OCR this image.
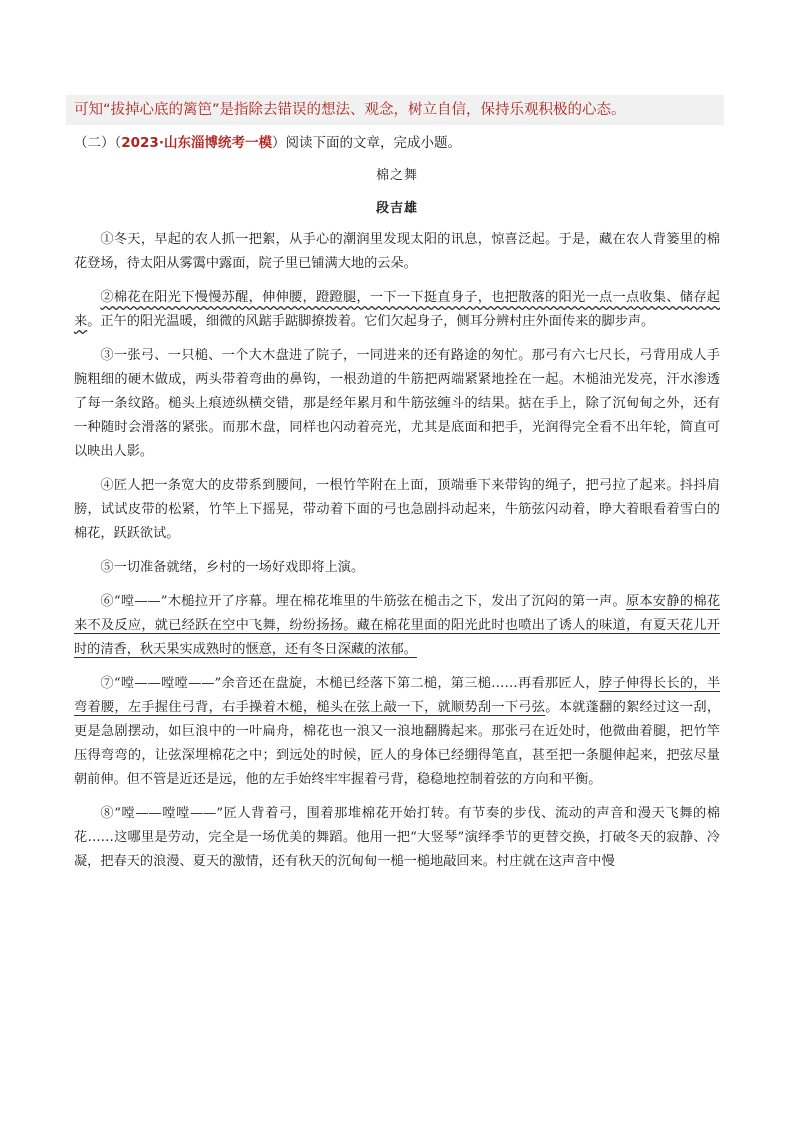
可知“拔掉心底的篱笆”是指除去错误的想法、观念，树立自信，保持乐观积极的心态。
（二）（2023·山东淄博统考一模）阅读下面的文章，完成小题。
棉之舞
段吉雄

①冬天，早起的农人抓一把絮，从手心的潮润里发现太阳的讯息，惊喜泛起。于是，藏在农人背篓里的棉花登场，待太阳从雾霭中露面，院子里已铺满大地的云朵。

②棉花在阳光下慢慢苏醒，伸伸腰，蹬蹬腿，一下一下挺直身子，也把散落的阳光一点一点收集、储存起来。正午的阳光温暖，细微的风踮手踮脚撩拨着。它们欠起身子，侧耳分辨村庄外面传来的脚步声。

③一张弓、一只槌、一个大木盘进了院子，一同进来的还有路途的匆忙。那弓有六七尺长，弓背用成人手腕粗细的硬木做成，两头带着弯曲的鼻钩，一根劲道的牛筋把两端紧紧地拴在一起。木槌油光发亮，汗水渗透了每一条纹路。槌头上痕迹纵横交错，那是经年累月和牛筋弦缠斗的结果。掂在手上，除了沉甸甸之外，还有一种随时会滑落的紧张。而那木盘，同样也闪动着亮光，尤其是底面和把手，光润得完全看不出年轮，简直可以映出人影。

④匠人把一条宽大的皮带系到腰间，一根竹竿附在上面，顶端垂下来带钩的绳子，把弓拉了起来。抖抖肩膀，试试皮带的松紧，竹竿上下摇晃，带动着下面的弓也急剧抖动起来，牛筋弦闪动着，睁大着眼看着雪白的棉花，跃跃欲试。

⑤一切准备就绪，乡村的一场好戏即将上演。

⑥“嘡——”木槌拉开了序幕。埋在棉花堆里的牛筋弦在槌击之下，发出了沉闷的第一声。原本安静的棉花来不及反应，就已经跃在空中飞舞，纷纷扬扬。藏在棉花里面的阳光此时也喷出了诱人的味道，有夏天花儿开时的清香，秋天果实成熟时的惬意，还有冬日深藏的浓郁。

⑦“嘡——嘡嘡——”余音还在盘旋，木槌已经落下第二槌，第三槌……再看那匠人，脖子伸得长长的，半弯着腰，左手握住弓背，右手操着木槌，槌头在弦上敲一下，就顺势刮一下弓弦。本就蓬翻的絮经过这一刮，更是急剧摆动，如巨浪中的一叶扁舟，棉花也一浪又一浪地翻腾起来。那张弓在近处时，他微曲着腿，把竹竿压得弯弯的，让弦深埋棉花之中；到远处的时候，匠人的身体已经绷得笔直，甚至把一条腿伸起来，把弦尽量朝前伸。但不管是近还是远，他的左手始终牢牢握着弓背，稳稳地控制着弦的方向和平衡。

⑧“嘡——嘡嘡——”匠人背着弓，围着那堆棉花开始打转。有节奏的步伐、流动的声音和漫天飞舞的棉花……这哪里是劳动，完全是一场优美的舞蹈。他用一把“大竖琴”演绎季节的更替交换，打破冬天的寂静、冷凝，把春天的浪漫、夏天的激情，还有秋天的沉甸甸一槌一槌地敲回来。村庄就在这声音中慢
